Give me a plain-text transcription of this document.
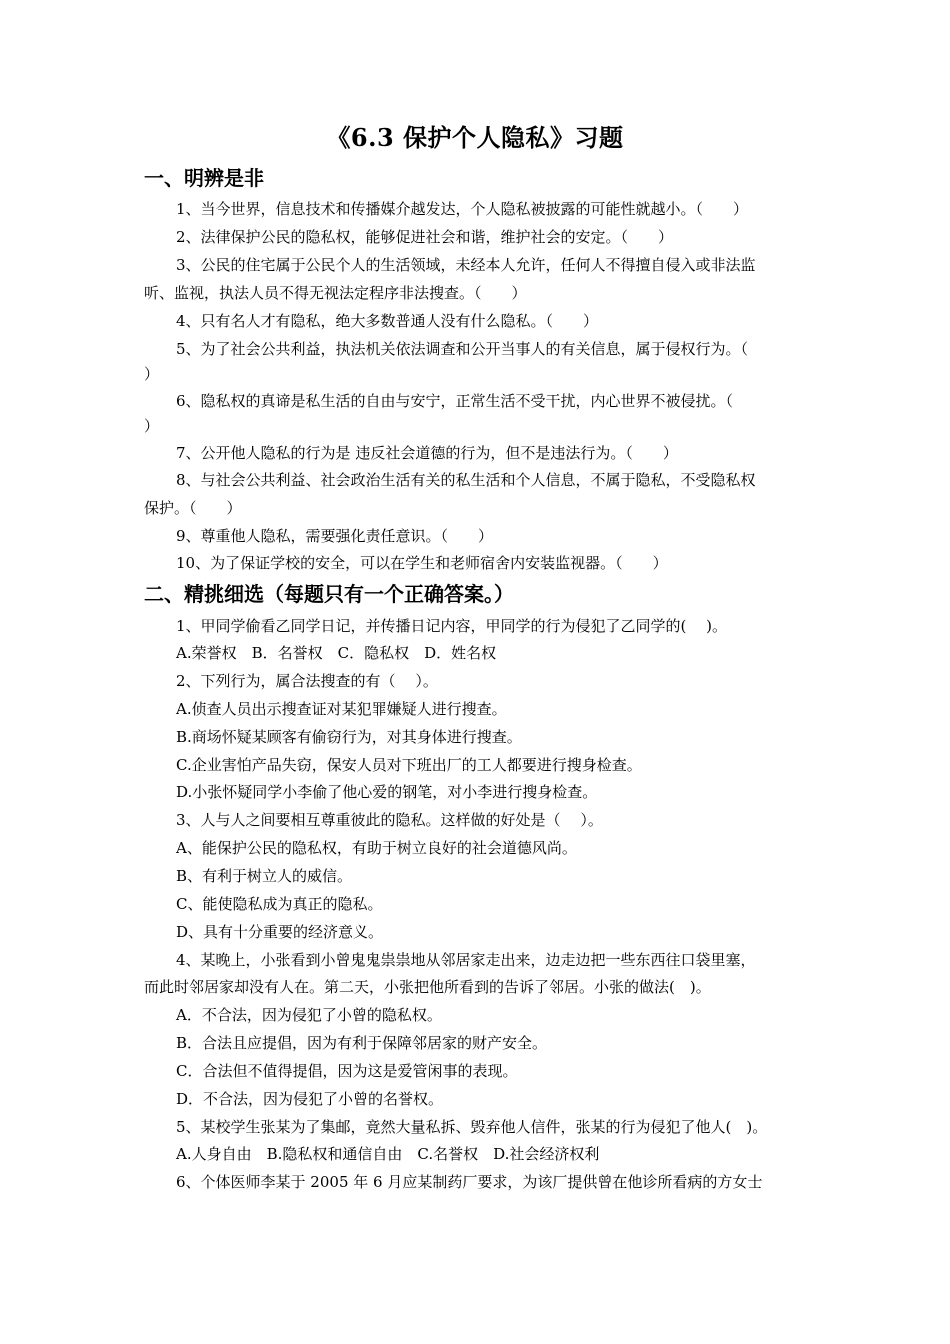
《6.3 保护个人隐私》习题
一、明辨是非
1、当今世界，信息技术和传播媒介越发达，个人隐私被披露的可能性就越小。（　　）
2、法律保护公民的隐私权，能够促进社会和谐，维护社会的安定。（　　）
3、公民的住宅属于公民个人的生活领域，未经本人允许，任何人不得擅自侵入或非法监
听、监视，执法人员不得无视法定程序非法搜查。（　　）
4、只有名人才有隐私，绝大多数普通人没有什么隐私。（　　）
5、为了社会公共利益，执法机关依法调查和公开当事人的有关信息，属于侵权行为。（
）
6、隐私权的真谛是私生活的自由与安宁，正常生活不受干扰，内心世界不被侵扰。（
）
7、公开他人隐私的行为是 违反社会道德的行为，但不是违法行为。（　　）
8、与社会公共利益、社会政治生活有关的私生活和个人信息，不属于隐私，不受隐私权
保护。（　　）
9、尊重他人隐私，需要强化责任意识。（　　）
10、为了保证学校的安全，可以在学生和老师宿舍内安装监视器。（　　）
二、精挑细选（每题只有一个正确答案。）
1、甲同学偷看乙同学日记，并传播日记内容，甲同学的行为侵犯了乙同学的(　 )。
A.荣誉权　B．名誉权　C．隐私权　D．姓名权
2、下列行为，属合法搜查的有（　 ）。
A.侦查人员出示搜查证对某犯罪嫌疑人进行搜查。
B.商场怀疑某顾客有偷窃行为，对其身体进行搜查。
C.企业害怕产品失窃，保安人员对下班出厂的工人都要进行搜身检查。
D.小张怀疑同学小李偷了他心爱的钢笔，对小李进行搜身检查。
3、人与人之间要相互尊重彼此的隐私。这样做的好处是（　 ）。
A、能保护公民的隐私权，有助于树立良好的社会道德风尚。
B、有利于树立人的威信。
C、能使隐私成为真正的隐私。
D、具有十分重要的经济意义。
4、某晚上，小张看到小曾鬼鬼祟祟地从邻居家走出来，边走边把一些东西往口袋里塞，
而此时邻居家却没有人在。第二天，小张把他所看到的告诉了邻居。小张的做法(　)。
A．不合法，因为侵犯了小曾的隐私权。
B．合法且应提倡，因为有利于保障邻居家的财产安全。
C．合法但不值得提倡，因为这是爱管闲事的表现。
D．不合法，因为侵犯了小曾的名誉权。
5、某校学生张某为了集邮，竟然大量私拆、毁弃他人信件，张某的行为侵犯了他人(　)。
A.人身自由　B.隐私权和通信自由　C.名誉权　D.社会经济权利
6、个体医师李某于 2005 年 6 月应某制药厂要求，为该厂提供曾在他诊所看病的方女士
